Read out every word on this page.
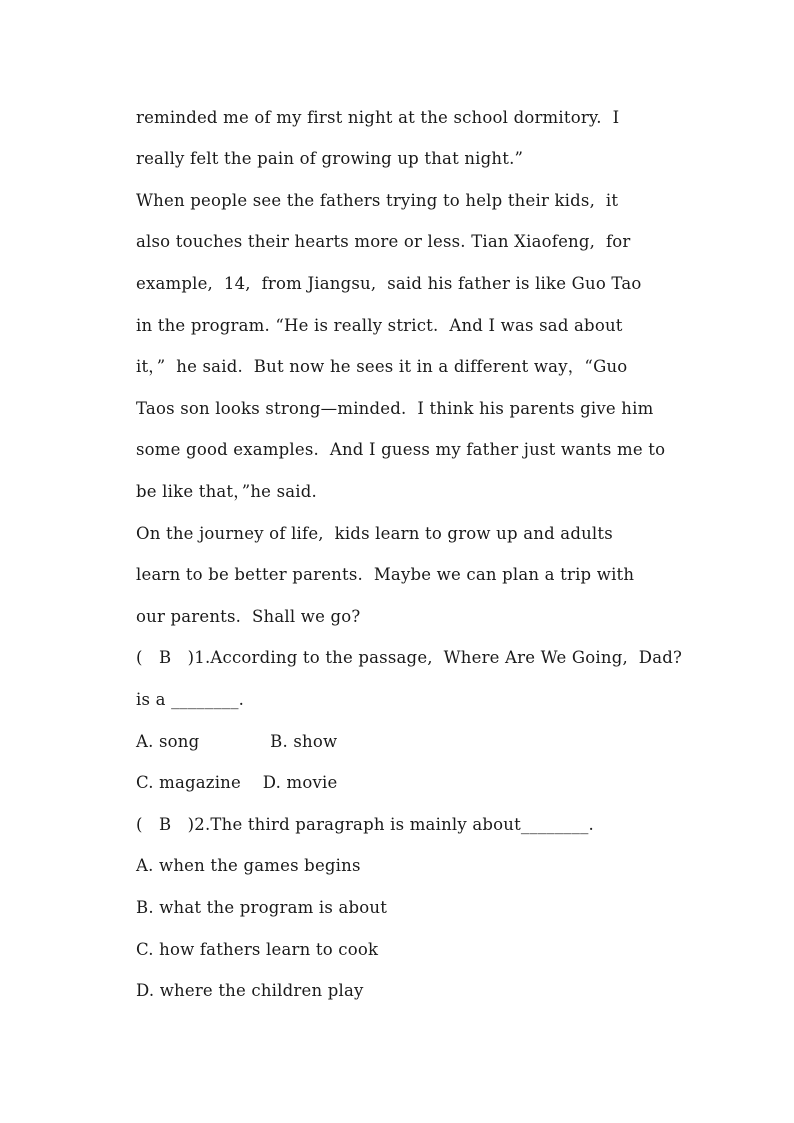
reminded me of my first night at the school dormitory.  I
really felt the pain of growing up that night.”
When people see the fathers trying to help their kids,  it
also touches their hearts more or less. Tian Xiaofeng,  for
example,  14,  from Jiangsu,  said his father is like Guo Tao
in the program. “He is really strict.  And I was sad about
it，”  he said.  But now he sees it in a different way，“Guo
Taos son looks strong—minded.  I think his parents give him
some good examples.  And I guess my father just wants me to
be like that，”he said.
On the journey of life,  kids learn to grow up and adults
learn to be better parents.  Maybe we can plan a trip with
our parents.  Shall we go?
(   B   )1.According to the passage,  Where Are We Going,  Dad?
is a ________.
A. song             B. show
C. magazine    D. movie
(   B   )2.The third paragraph is mainly about________.
A. when the games begins
B. what the program is about
C. how fathers learn to cook
D. where the children play
